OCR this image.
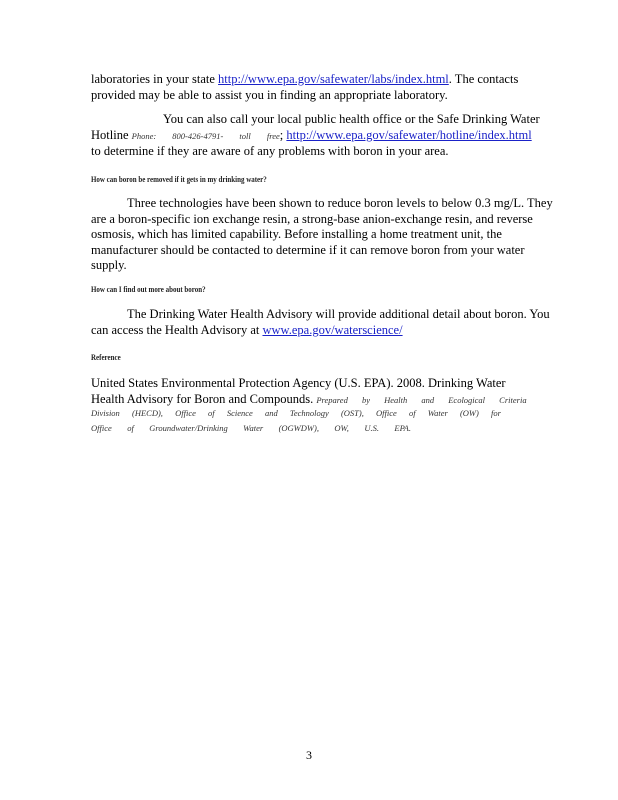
laboratories in your state http://www.epa.gov/safewater/labs/index.html. The contacts
provided may be able to assist you in finding an appropriate laboratory.

You can also call your local public health office or the Safe Drinking Water
Hotline Phone: 800-426-4791- toll free; http://www.epa.gov/safewater/hotline/index.html
to determine if they are aware of any problems with boron in your area.

How can boron be removed if it gets in my drinking water?

Three technologies have been shown to reduce boron levels to below 0.3 mg/L. They are a boron-specific ion exchange resin, a strong-base anion-exchange resin, and reverse osmosis, which has limited capability. Before installing a home treatment unit, the manufacturer should be contacted to determine if it can remove boron from your water supply.

How can I find out more about boron?

The Drinking Water Health Advisory will provide additional detail about boron. You can access the Health Advisory at www.epa.gov/waterscience/

Reference

United States Environmental Protection Agency (U.S. EPA). 2008. Drinking Water
Health Advisory for Boron and Compounds. Prepared by Health and Ecological Criteria

Division (HECD), Office of Science and Technology (OST), Office of Water (OW) for
Office of Groundwater/Drinking Water (OGWDW), OW, U.S. EPA.
3
